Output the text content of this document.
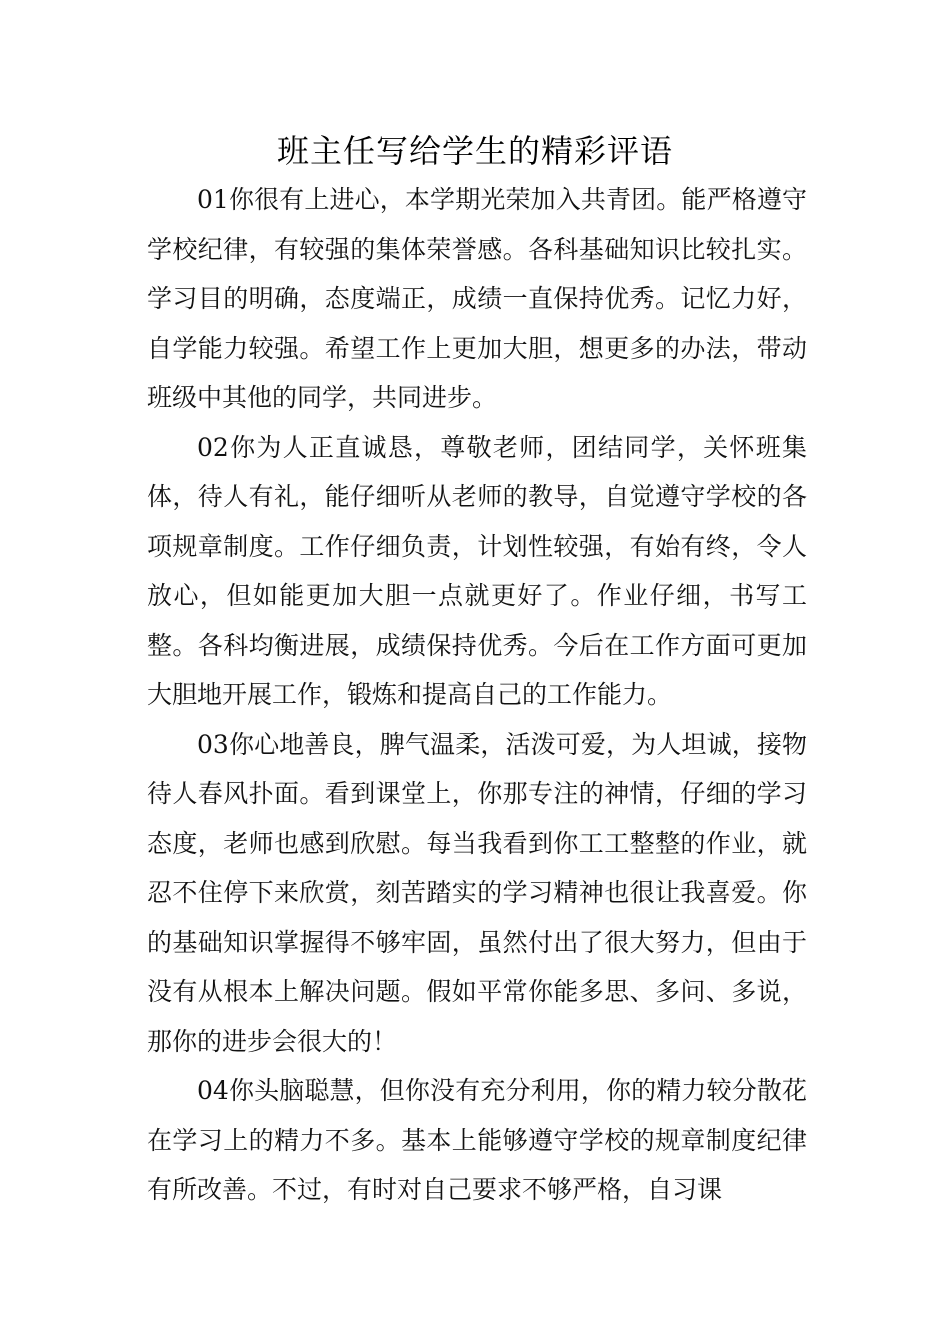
班主任写给学生的精彩评语

01你很有上进心，本学期光荣加入共青团。能严格遵守学校纪律，有较强的集体荣誉感。各科基础知识比较扎实。学习目的明确，态度端正，成绩一直保持优秀。记忆力好，自学能力较强。希望工作上更加大胆，想更多的办法，带动班级中其他的同学，共同进步。

02你为人正直诚恳，尊敬老师，团结同学，关怀班集体，待人有礼，能仔细听从老师的教导，自觉遵守学校的各项规章制度。工作仔细负责，计划性较强，有始有终，令人放心，但如能更加大胆一点就更好了。作业仔细，书写工整。各科均衡进展，成绩保持优秀。今后在工作方面可更加大胆地开展工作，锻炼和提高自己的工作能力。

03你心地善良，脾气温柔，活泼可爱，为人坦诚，接物待人春风扑面。看到课堂上，你那专注的神情，仔细的学习态度，老师也感到欣慰。每当我看到你工工整整的作业，就忍不住停下来欣赏，刻苦踏实的学习精神也很让我喜爱。你的基础知识掌握得不够牢固，虽然付出了很大努力，但由于没有从根本上解决问题。假如平常你能多思、多问、多说，那你的进步会很大的！

04你头脑聪慧，但你没有充分利用，你的精力较分散花在学习上的精力不多。基本上能够遵守学校的规章制度纪律有所改善。不过，有时对自己要求不够严格，自习课
